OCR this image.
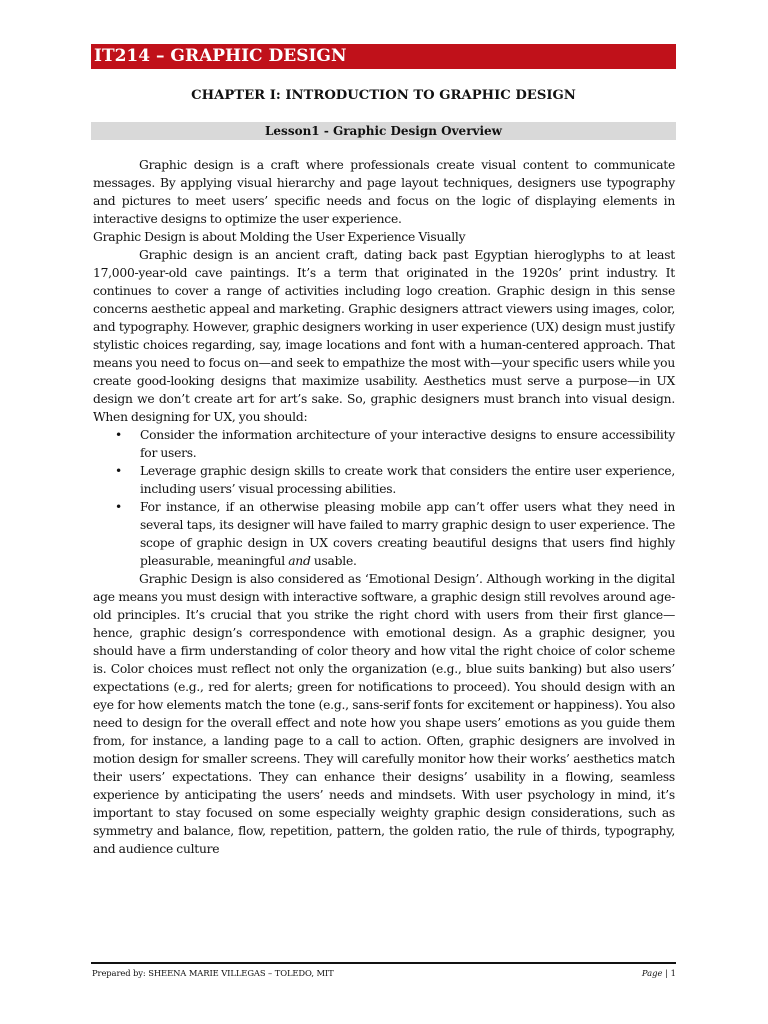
IT214 – GRAPHIC DESIGN
CHAPTER I: INTRODUCTION TO GRAPHIC DESIGN
Lesson1 - Graphic Design Overview

Graphic design is a craft where professionals create visual content to communicate messages. By applying visual hierarchy and page layout techniques, designers use typography and pictures to meet users’ specific needs and focus on the logic of displaying elements in interactive designs to optimize the user experience.

Graphic Design is about Molding the User Experience Visually

Graphic design is an ancient craft, dating back past Egyptian hieroglyphs to at least 17,000-year-old cave paintings. It’s a term that originated in the 1920s’ print industry. It continues to cover a range of activities including logo creation. Graphic design in this sense concerns aesthetic appeal and marketing. Graphic designers attract viewers using images, color, and typography. However, graphic designers working in user experience (UX) design must justify stylistic choices regarding, say, image locations and font with a human-centered approach. That means you need to focus on—and seek to empathize the most with—your specific users while you create good-looking designs that maximize usability. Aesthetics must serve a purpose—in UX design we don’t create art for art’s sake. So, graphic designers must branch into visual design. When designing for UX, you should:

• Consider the information architecture of your interactive designs to ensure accessibility for users.
• Leverage graphic design skills to create work that considers the entire user experience, including users’ visual processing abilities.
• For instance, if an otherwise pleasing mobile app can’t offer users what they need in several taps, its designer will have failed to marry graphic design to user experience. The scope of graphic design in UX covers creating beautiful designs that users find highly pleasurable, meaningful and usable.

Graphic Design is also considered as ‘Emotional Design’. Although working in the digital age means you must design with interactive software, a graphic design still revolves around age-old principles. It’s crucial that you strike the right chord with users from their first glance—hence, graphic design’s correspondence with emotional design. As a graphic designer, you should have a firm understanding of color theory and how vital the right choice of color scheme is. Color choices must reflect not only the organization (e.g., blue suits banking) but also users’ expectations (e.g., red for alerts; green for notifications to proceed). You should design with an eye for how elements match the tone (e.g., sans-serif fonts for excitement or happiness). You also need to design for the overall effect and note how you shape users’ emotions as you guide them from, for instance, a landing page to a call to action. Often, graphic designers are involved in motion design for smaller screens. They will carefully monitor how their works’ aesthetics match their users’ expectations. They can enhance their designs’ usability in a flowing, seamless experience by anticipating the users’ needs and mindsets. With user psychology in mind, it’s important to stay focused on some especially weighty graphic design considerations, such as symmetry and balance, flow, repetition, pattern, the golden ratio, the rule of thirds, typography, and audience culture

Prepared by: SHEENA MARIE VILLEGAS – TOLEDO, MIT	Page | 1
